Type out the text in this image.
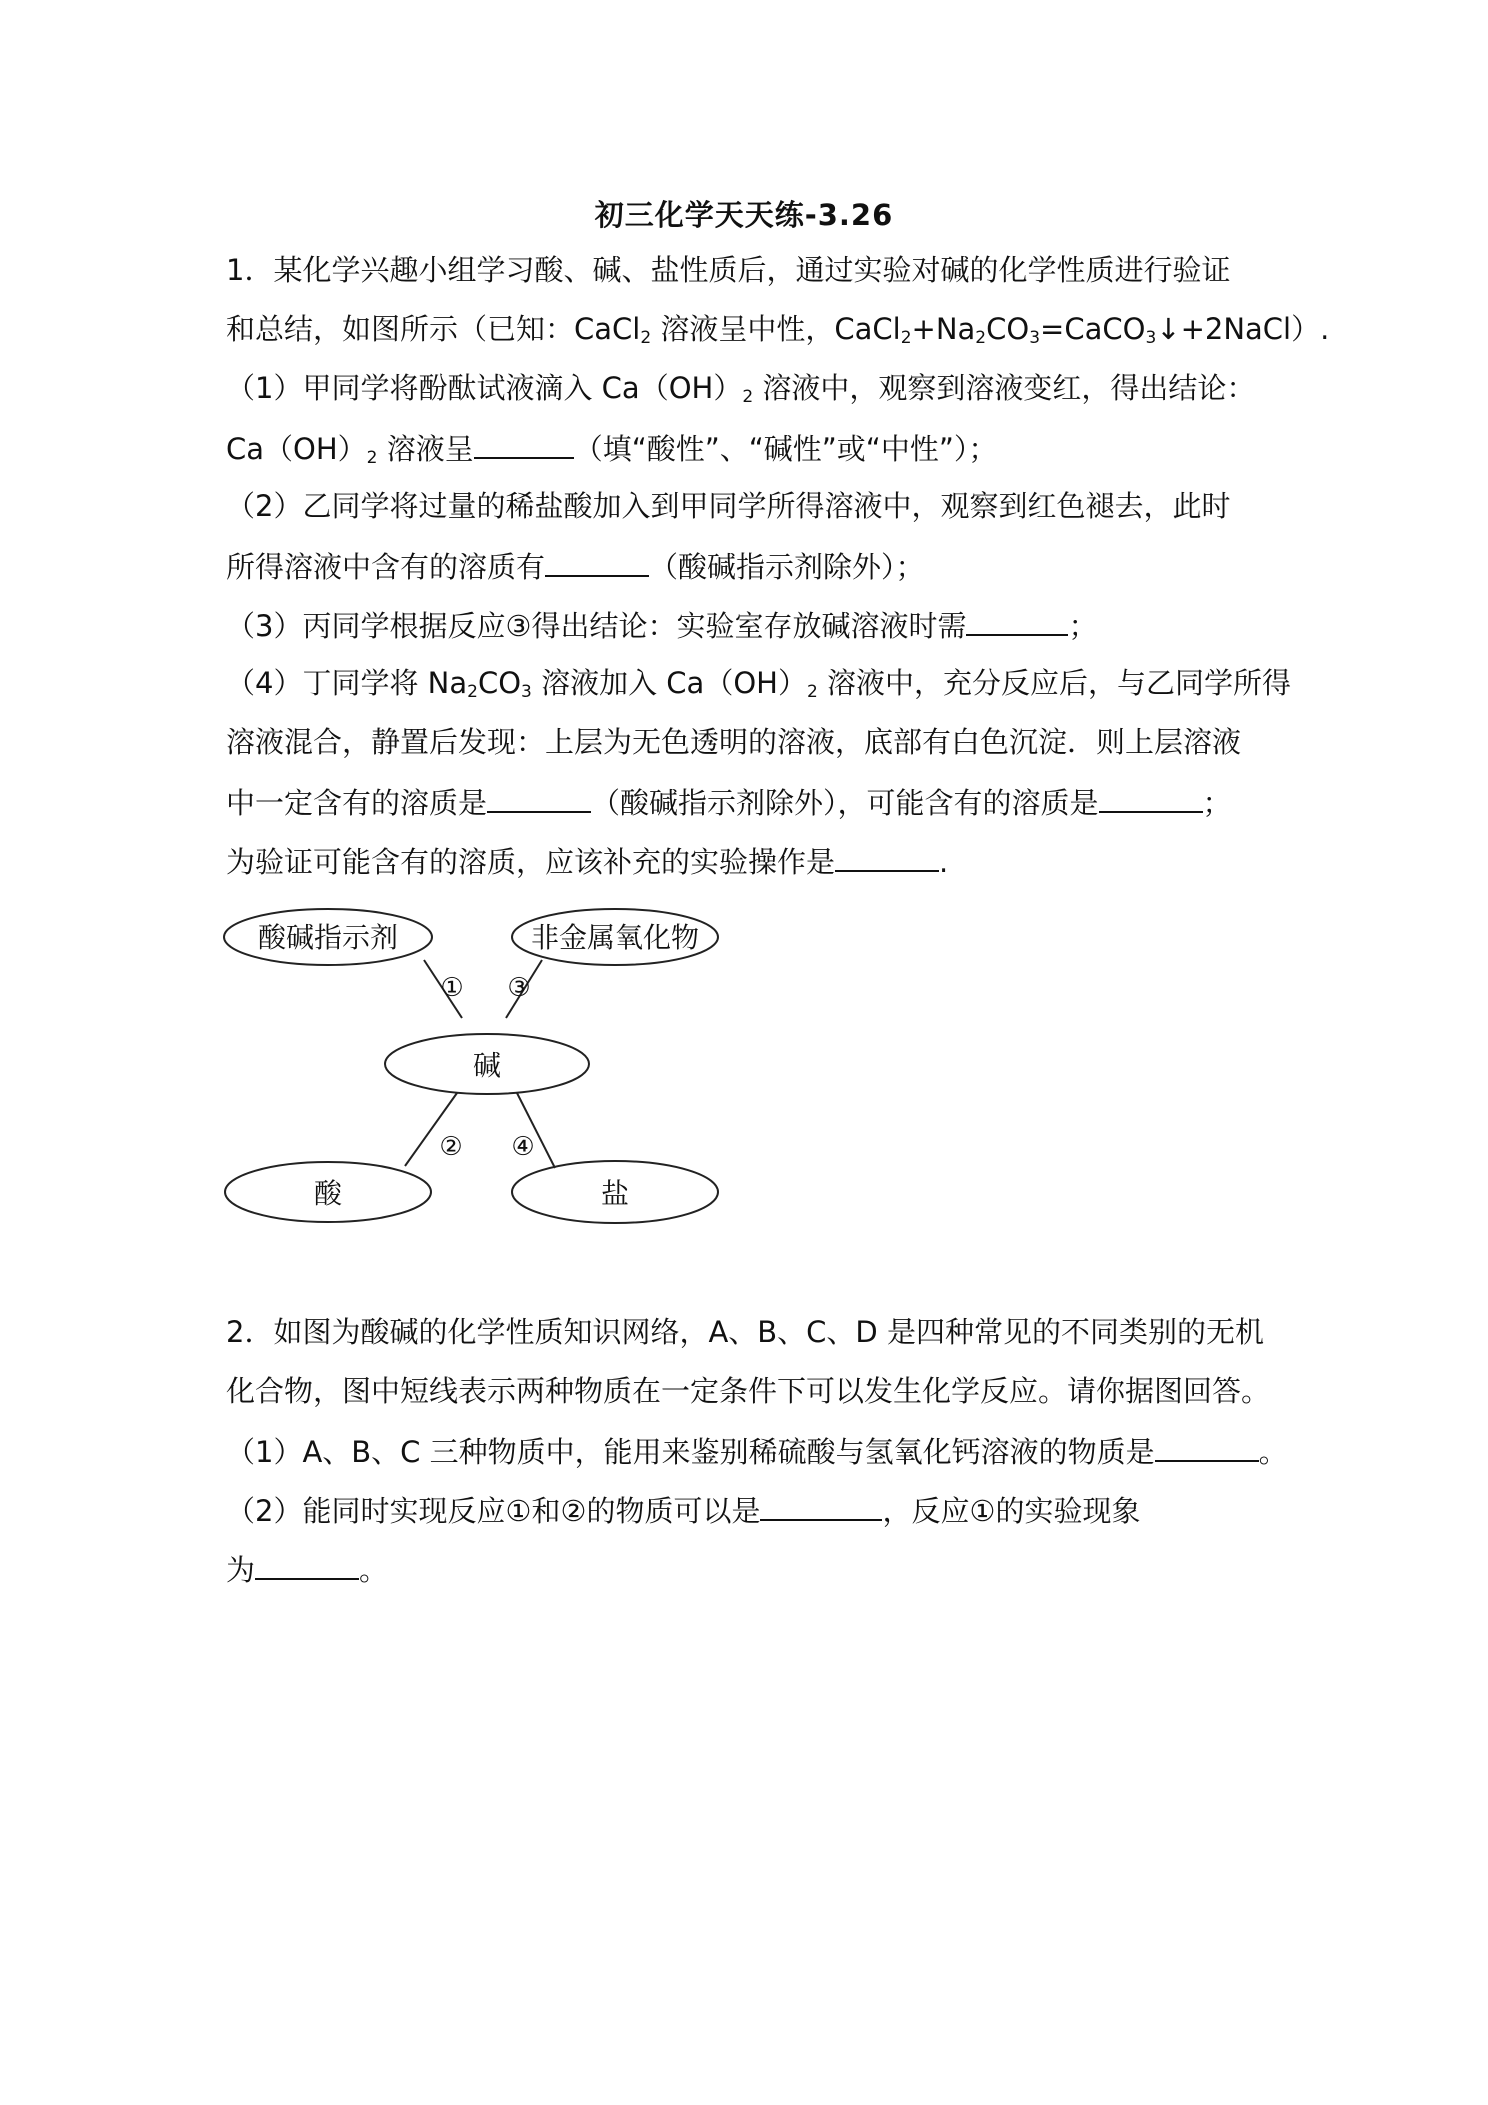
初三化学天天练-3.26
1．某化学兴趣小组学习酸、碱、盐性质后，通过实验对碱的化学性质进行验证
和总结，如图所示（已知：CaCl$_2$ 溶液呈中性，$CaCl_2+Na_2CO_3=CaCO_3↓+2NaCl$）.
（1）甲同学将酚酞试液滴入 $Ca(OH)_2$ 溶液中，观察到溶液变红，得出结论：
$Ca(OH)_2$ 溶液呈	（填“酸性”、“碱性”或“中性”）；
（2）乙同学将过量的稀盐酸加入到甲同学所得溶液中，观察到红色褪去，此时
所得溶液中含有的溶质有	（酸碱指示剂除外）；
（3）丙同学根据反应③得出结论：实验室存放碱溶液时需	；
（4）丁同学将 $Na_2CO_3$ 溶液加入 $Ca(OH)_2$ 溶液中，充分反应后，与乙同学所得
溶液混合，静置后发现：上层为无色透明的溶液，底部有白色沉淀．则上层溶液
中一定含有的溶质是	（酸碱指示剂除外），可能含有的溶质是	；
为验证可能含有的溶质，应该补充的实验操作是	.
酸碱指示剂	非金属氧化物
碱
酸	盐
① ③
② ④
2．如图为酸碱的化学性质知识网络，A、B、C、D 是四种常见的不同类别的无机
化合物，图中短线表示两种物质在一定条件下可以发生化学反应。请你据图回答。
（1）A、B、C 三种物质中，能用来鉴别稀硫酸与氢氧化钙溶液的物质是	。
（2）能同时实现反应①和②的物质可以是	，反应①的实验现象
为	。
